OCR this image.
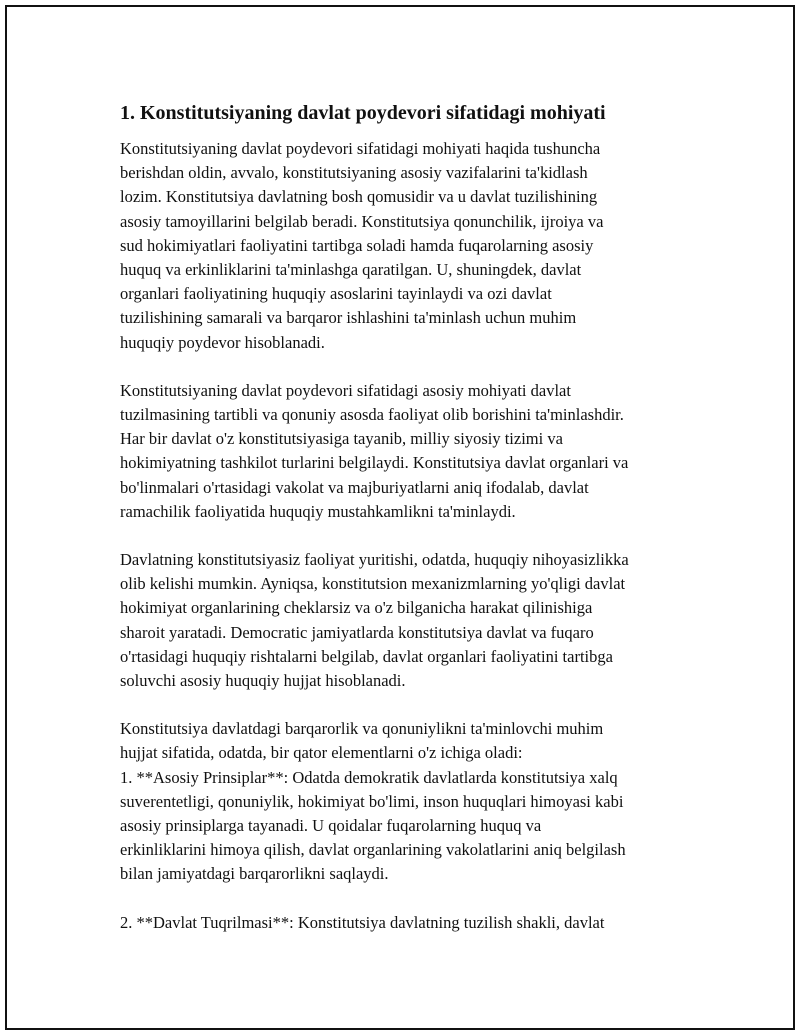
1. Konstitutsiyaning davlat poydevori sifatidagi mohiyati
Konstitutsiyaning davlat poydevori sifatidagi mohiyati haqida tushuncha
berishdan oldin, avvalo, konstitutsiyaning asosiy vazifalarini ta'kidlash
lozim. Konstitutsiya davlatning bosh qomusidir va u davlat tuzilishining
asosiy tamoyillarini belgilab beradi. Konstitutsiya qonunchilik, ijroiya va
sud hokimiyatlari faoliyatini tartibga soladi hamda fuqarolarning asosiy
huquq va erkinliklarini ta'minlashga qaratilgan. U, shuningdek, davlat
organlari faoliyatining huquqiy asoslarini tayinlaydi va ozi davlat
tuzilishining samarali va barqaror ishlashini ta'minlash uchun muhim
huquqiy poydevor hisoblanadi.
Konstitutsiyaning davlat poydevori sifatidagi asosiy mohiyati davlat
tuzilmasining tartibli va qonuniy asosda faoliyat olib borishini ta'minlashdir.
Har bir davlat o'z konstitutsiyasiga tayanib, milliy siyosiy tizimi va
hokimiyatning tashkilot turlarini belgilaydi. Konstitutsiya davlat organlari va
bo'linmalari o'rtasidagi vakolat va majburiyatlarni aniq ifodalab, davlat
ramachilik faoliyatida huquqiy mustahkamlikni ta'minlaydi.
Davlatning konstitutsiyasiz faoliyat yuritishi, odatda, huquqiy nihoyasizlikka
olib kelishi mumkin. Ayniqsa, konstitutsion mexanizmlarning yo'qligi davlat
hokimiyat organlarining cheklarsiz va o'z bilganicha harakat qilinishiga
sharoit yaratadi. Democratic jamiyatlarda konstitutsiya davlat va fuqaro
o'rtasidagi huquqiy rishtalarni belgilab, davlat organlari faoliyatini tartibga
soluvchi asosiy huquqiy hujjat hisoblanadi.
Konstitutsiya davlatdagi barqarorlik va qonuniylikni ta'minlovchi muhim
hujjat sifatida, odatda, bir qator elementlarni o'z ichiga oladi:
1. **Asosiy Prinsiplar**: Odatda demokratik davlatlarda konstitutsiya xalq
suverentetligi, qonuniylik, hokimiyat bo'limi, inson huquqlari himoyasi kabi
asosiy prinsiplarga tayanadi. U qoidalar fuqarolarning huquq va
erkinliklarini himoya qilish, davlat organlarining vakolatlarini aniq belgilash
bilan jamiyatdagi barqarorlikni saqlaydi.
2. **Davlat Tuqrilmasi**: Konstitutsiya davlatning tuzilish shakli, davlat
